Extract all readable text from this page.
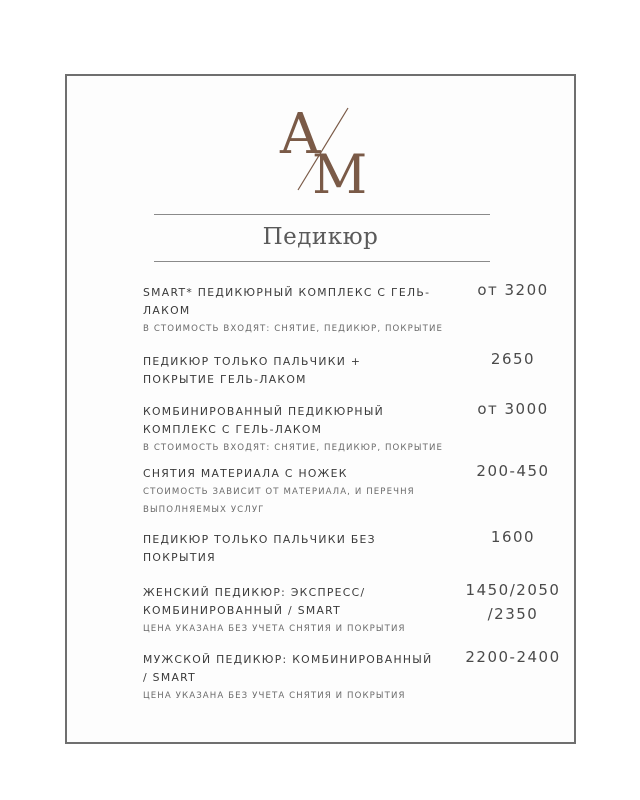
A
M
Педикюр
SMART* ПЕДИКЮРНЫЙ КОМПЛЕКС С ГЕЛЬ-ЛАКОМ
В СТОИМОСТЬ ВХОДЯТ: СНЯТИЕ, ПЕДИКЮР, ПОКРЫТИЕ
от 3200
ПЕДИКЮР ТОЛЬКО ПАЛЬЧИКИ + ПОКРЫТИЕ ГЕЛЬ-ЛАКОМ
2650
КОМБИНИРОВАННЫЙ ПЕДИКЮРНЫЙ КОМПЛЕКС С ГЕЛЬ-ЛАКОМ
В СТОИМОСТЬ ВХОДЯТ: СНЯТИЕ, ПЕДИКЮР, ПОКРЫТИЕ
от 3000
СНЯТИЯ МАТЕРИАЛА С НОЖЕК
СТОИМОСТЬ ЗАВИСИТ ОТ МАТЕРИАЛА, И ПЕРЕЧНЯ ВЫПОЛНЯЕМЫХ УСЛУГ
200-450
ПЕДИКЮР ТОЛЬКО ПАЛЬЧИКИ БЕЗ ПОКРЫТИЯ
1600
ЖЕНСКИЙ ПЕДИКЮР: ЭКСПРЕСС/ КОМБИНИРОВАННЫЙ / SMART
ЦЕНА УКАЗАНА БЕЗ УЧЕТА СНЯТИЯ И ПОКРЫТИЯ
1450/2050 /2350
МУЖСКОЙ ПЕДИКЮР: КОМБИНИРОВАННЫЙ / SMART
ЦЕНА УКАЗАНА БЕЗ УЧЕТА СНЯТИЯ И ПОКРЫТИЯ
2200-2400
